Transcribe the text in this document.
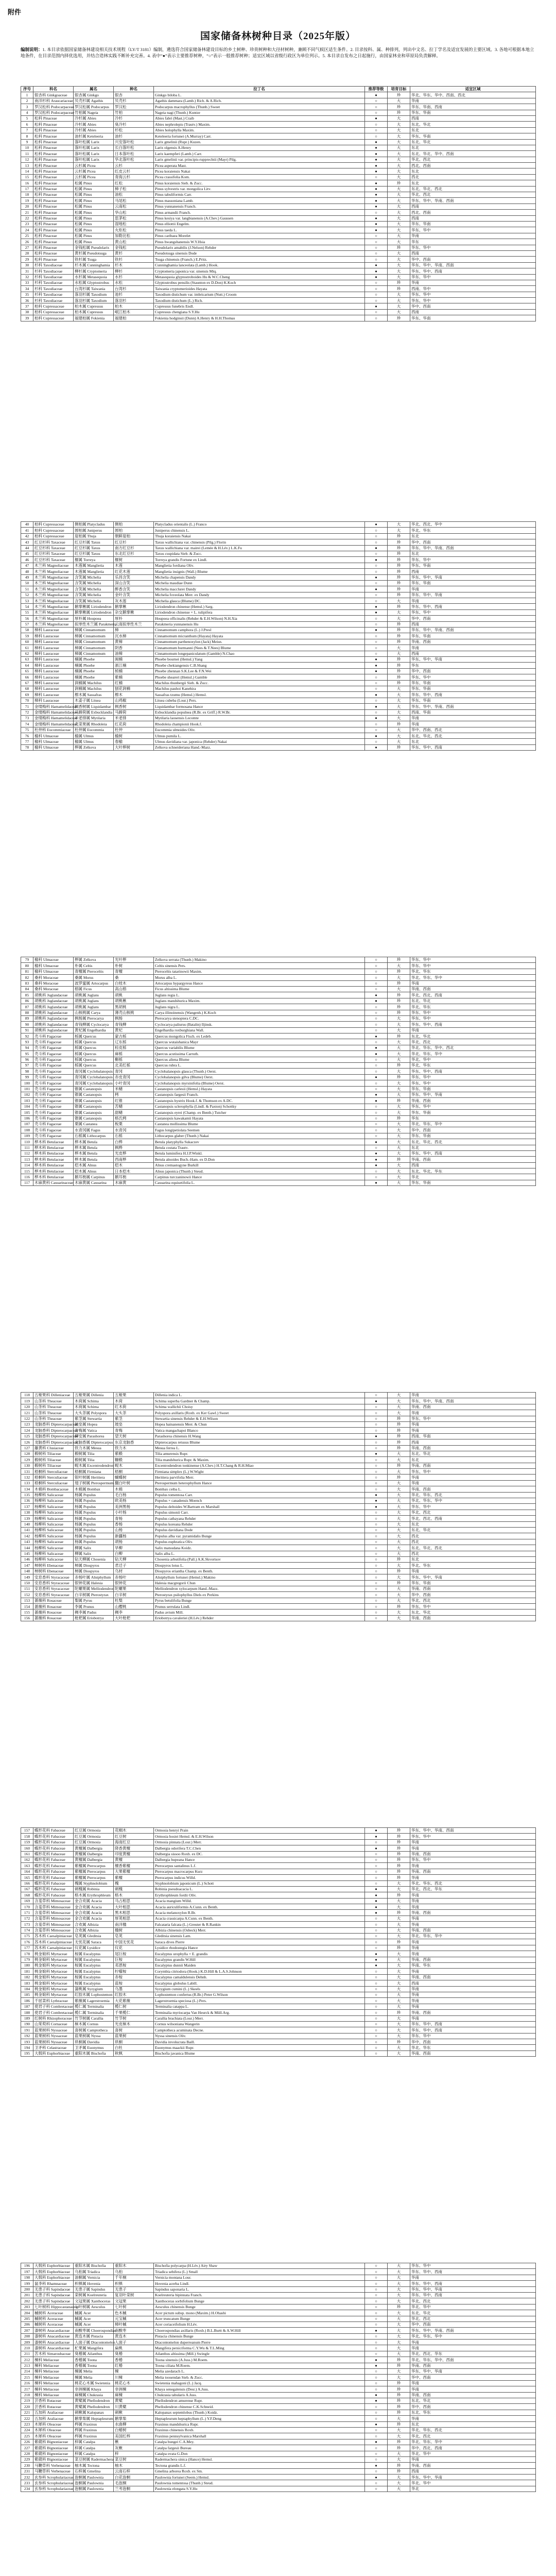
附件
国家储备林树种目录（2025年版）
编制说明：1. 本目录依据国家储备林建设相关技术规程（LY/T 3181）编制，遴选符合国家储备林建设目标的乡土树种、珍贵树种和大径材树种，兼顾不同气候区适生条件。2. 目录按科、属、种排列，列出中文名、拉丁学名及适宜发展的主要区域。3. 各地可根据本地立地条件，在目录范围内择优选用，并结合造林实践不断补充完善。4. 表中“●”表示主要推荐树种，“○”表示一般推荐树种；适宜区域以省级行政区为单位列示。5. 本目录自发布之日起施行，由国家林业和草原局负责解释。
序号	科名	属名	种名	拉丁名	推荐等级	培育目标	适宜区域
1	银杏科 Ginkgoaceae	银杏属 Ginkgo	银杏	Ginkgo biloba L.	●	珍	华北、华东、华中、西南、西北
2	南洋杉科 Araucariaceae	贝壳杉属 Agathis	贝壳杉	Agathis dammara (Lamb.) Rich. & A.Rich.	○	大	华南
3	罗汉松科 Podocarpaceae	罗汉松属 Podocarpus	罗汉松	Podocarpus macrophyllus (Thunb.) Sweet	○	珍	华东、华南、西南
4	罗汉松科 Podocarpaceae	竹柏属 Nageia	竹柏	Nageia nagi (Thunb.) Kuntze	○	珍	华东、华南
5	松科 Pinaceae	冷杉属 Abies	冷杉	Abies fabri (Mast.) Craib	●	大	西南
6	松科 Pinaceae	冷杉属 Abies	臭冷杉	Abies nephrolepis (Trautv.) Maxim.	○	大	东北、华北
7	松科 Pinaceae	冷杉属 Abies	杉松	Abies holophylla Maxim.	○	大	东北
8	松科 Pinaceae	油杉属 Keteleeria	油杉	Keteleeria fortunei (A.Murray) Carr.	○	大	华东、华南
9	松科 Pinaceae	落叶松属 Larix	兴安落叶松	Larix gmelinii (Rupr.) Kuzen.	●	大	东北、华北
10	松科 Pinaceae	落叶松属 Larix	长白落叶松	Larix olgensis A.Henry	●	大	东北
11	松科 Pinaceae	落叶松属 Larix	日本落叶松	Larix kaempferi (Lamb.) Carr.	●	大	东北、华北、华中、西南
12	松科 Pinaceae	落叶松属 Larix	华北落叶松	Larix gmelinii var. principis-rupprechtii (Mayr) Pilg.	●	大	华北、西北
13	松科 Pinaceae	云杉属 Picea	云杉	Picea asperata Mast.	●	大	西北、西南
14	松科 Pinaceae	云杉属 Picea	红皮云杉	Picea koraiensis Nakai	●	大	东北
15	松科 Pinaceae	云杉属 Picea	青海云杉	Picea crassifolia Kom.	○	大	西北
16	松科 Pinaceae	松属 Pinus	红松	Pinus koraiensis Sieb. & Zucc.	●	珍	东北
17	松科 Pinaceae	松属 Pinus	樟子松	Pinus sylvestris var. mongolica Litv.	●	大	东北、华北、西北
18	松科 Pinaceae	松属 Pinus	油松	Pinus tabuliformis Carr.	●	大	华北、西北
19	松科 Pinaceae	松属 Pinus	马尾松	Pinus massoniana Lamb.	●	大	华东、华中、华南、西南
20	松科 Pinaceae	松属 Pinus	云南松	Pinus yunnanensis Franch.	●	大	西南
21	松科 Pinaceae	松属 Pinus	华山松	Pinus armandii Franch.	○	大	西北、西南
22	松科 Pinaceae	松属 Pinus	思茅松	Pinus kesiya var. langbianensis (A.Chev.) Gaussen	●	大	西南
23	松科 Pinaceae	松属 Pinus	湿地松	Pinus elliottii Engelm.	●	大	华东、华南
24	松科 Pinaceae	松属 Pinus	火炬松	Pinus taeda L.	●	大	华东、华中
25	松科 Pinaceae	松属 Pinus	加勒比松	Pinus caribaea Morelet	○	大	华南
26	松科 Pinaceae	松属 Pinus	黄山松	Pinus hwangshanensis W.Y.Hsia	○	大	华东
27	松科 Pinaceae	金钱松属 Pseudolarix	金钱松	Pseudolarix amabilis (J.Nelson) Rehder	○	珍	华东、华中
28	松科 Pinaceae	黄杉属 Pseudotsuga	黄杉	Pseudotsuga sinensis Dode	○	大	西南
29	松科 Pinaceae	铁杉属 Tsuga	铁杉	Tsuga chinensis (Franch.) E.Pritz.	○	大	华中、西南
30	杉科 Taxodiaceae	杉木属 Cunninghamia	杉木	Cunninghamia lanceolata (Lamb.) Hook.	●	大	华东、华中、华南、西南
31	杉科 Taxodiaceae	柳杉属 Cryptomeria	柳杉	Cryptomeria japonica var. sinensis Miq.	●	大	华东、华中、西南
32	杉科 Taxodiaceae	水杉属 Metasequoia	水杉	Metasequoia glyptostroboides Hu & W.C.Cheng	●	大	华东、华中
33	杉科 Taxodiaceae	水松属 Glyptostrobus	水松	Glyptostrobus pensilis (Staunton ex D.Don) K.Koch	○	珍	华南
34	杉科 Taxodiaceae	台湾杉属 Taiwania	台湾杉	Taiwania cryptomerioides Hayata	○	珍	西南、华中
35	杉科 Taxodiaceae	落羽杉属 Taxodium	池杉	Taxodium distichum var. imbricarium (Nutt.) Croom	○	大	华东、华中
36	杉科 Taxodiaceae	落羽杉属 Taxodium	落羽杉	Taxodium distichum (L.) Rich.	○	大	华东、华中
37	柏科 Cupressaceae	柏木属 Cupressus	柏木	Cupressus funebris Endl.	●	大	华中、西南
38	柏科 Cupressaceae	柏木属 Cupressus	岷江柏木	Cupressus chengiana S.Y.Hu	○	大	西南
39	柏科 Cupressaceae	福建柏属 Fokienia	福建柏	Fokienia hodginsii (Dunn) A.Henry & H.H.Thomas	○	珍	华东、华南
40	柏科 Cupressaceae	侧柏属 Platycladus	侧柏	Platycladus orientalis (L.) Franco	●	大	华北、西北、华中
41	柏科 Cupressaceae	圆柏属 Juniperus	圆柏	Juniperus chinensis L.	○	大	华北、华东
42	柏科 Cupressaceae	崖柏属 Thuja	朝鲜崖柏	Thuja koraiensis Nakai	○	珍	东北
43	红豆杉科 Taxaceae	红豆杉属 Taxus	红豆杉	Taxus wallichiana var. chinensis (Pilg.) Florin	○	珍	华中、西南
44	红豆杉科 Taxaceae	红豆杉属 Taxus	南方红豆杉	Taxus wallichiana var. mairei (Lemée & H.Lév.) L.K.Fu	●	珍	华东、华中、华南、西南
45	红豆杉科 Taxaceae	红豆杉属 Taxus	东北红豆杉	Taxus cuspidata Sieb. & Zucc.	○	珍	东北
46	红豆杉科 Taxaceae	榧属 Torreya	榧树	Torreya grandis Fortune ex Lindl.	●	珍	华东、华中
47	木兰科 Magnoliaceae	木莲属 Manglietia	木莲	Manglietia fordiana Oliv.	○	珍	华东、华南
48	木兰科 Magnoliaceae	木莲属 Manglietia	红花木莲	Manglietia insignis (Wall.) Blume	○	珍	西南
49	木兰科 Magnoliaceae	含笑属 Michelia	乐昌含笑	Michelia chapensis Dandy	●	珍	华东、华中、华南
50	木兰科 Magnoliaceae	含笑属 Michelia	深山含笑	Michelia maudiae Dunn	○	珍	华东、华南
51	木兰科 Magnoliaceae	含笑属 Michelia	醉香含笑	Michelia macclurei Dandy	●	珍	华南
52	木兰科 Magnoliaceae	含笑属 Michelia	金叶含笑	Michelia foveolata Merr. ex Dandy	○	珍	华东、华中、华南
53	木兰科 Magnoliaceae	含笑属 Michelia	灰木莲	Michelia glauca (Blume) DC.	○	大	华南
54	木兰科 Magnoliaceae	鹅掌楸属 Liriodendron	鹅掌楸	Liriodendron chinense (Hemsl.) Sarg.	●	珍	华东、华中、西南
55	木兰科 Magnoliaceae	鹅掌楸属 Liriodendron	杂交鹅掌楸	Liriodendron chinense × L. tulipifera	●	大	华东、华中
56	木兰科 Magnoliaceae	厚朴属 Houpoea	厚朴	Houpoea officinalis (Rehder & E.H.Wilson) N.H.Xia	○	大	华中、西南
57	木兰科 Magnoliaceae	拟单性木兰属 Parakmeria	云南拟单性木兰	Parakmeria yunnanensis Hu	○	珍	西南
58	樟科 Lauraceae	樟属 Cinnamomum	樟	Cinnamomum camphora (L.) J.Presl	●	珍	华东、华中、华南、西南
59	樟科 Lauraceae	樟属 Cinnamomum	沉水樟	Cinnamomum micranthum (Hayata) Hayata	○	珍	华东、华南
60	樟科 Lauraceae	樟属 Cinnamomum	黄樟	Cinnamomum parthenoxylon (Jack) Meisn.	○	珍	华南、西南
61	樟科 Lauraceae	樟属 Cinnamomum	阴香	Cinnamomum burmanni (Nees & T.Nees) Blume	○	大	华南
62	樟科 Lauraceae	樟属 Cinnamomum	油樟	Cinnamomum longepaniculatum (Gamble) N.Chao	○	大	西南
63	樟科 Lauraceae	楠属 Phoebe	闽楠	Phoebe bournei (Hemsl.) Yang	●	珍	华东、华中、华南
64	樟科 Lauraceae	楠属 Phoebe	浙江楠	Phoebe chekiangensis C.B.Shang	●	珍	华东
65	樟科 Lauraceae	楠属 Phoebe	桢楠	Phoebe zhennan S.K.Lee & F.N.Wei	●	珍	华中、西南
66	樟科 Lauraceae	楠属 Phoebe	紫楠	Phoebe sheareri (Hemsl.) Gamble	○	珍	华东、华中
67	樟科 Lauraceae	润楠属 Machilus	红楠	Machilus thunbergii Sieb. & Zucc.	○	珍	华东、华南
68	樟科 Lauraceae	润楠属 Machilus	刨花润楠	Machilus pauhoi Kanehira	○	大	华东、华南
69	樟科 Lauraceae	檫木属 Sassafras	檫木	Sassafras tzumu (Hemsl.) Hemsl.	●	大	华东、华中、西南
70	樟科 Lauraceae	木姜子属 Litsea	山鸡椒	Litsea cubeba (Lour.) Pers.	○	大	华东、华南
71	金缕梅科 Hamamelidaceae	枫香树属 Liquidambar	枫香树	Liquidambar formosana Hance	●	大	华东、华中、华南、西南
72	金缕梅科 Hamamelidaceae	马蹄荷属 Exbucklandia	马蹄荷	Exbucklandia populnea (R.Br. ex Griff.) R.W.Br.	○	大	西南、华南
73	金缕梅科 Hamamelidaceae	米老排属 Mytilaria	米老排	Mytilaria laosensis Lecomte	●	大	华南
74	金缕梅科 Hamamelidaceae	壳菜果属 Rhodoleia	红花荷	Rhodoleia championii Hook.f.	○	珍	华南
75	杜仲科 Eucommiaceae	杜仲属 Eucommia	杜仲	Eucommia ulmoides Oliv.	○	大	华中、西南、西北
76	榆科 Ulmaceae	榆属 Ulmus	榆树	Ulmus pumila L.	●	大	东北、华北、西北
77	榆科 Ulmaceae	榆属 Ulmus	春榆	Ulmus davidiana var. japonica (Rehder) Nakai	○	大	东北
78	榆科 Ulmaceae	榉属 Zelkova	大叶榉树	Zelkova schneideriana Hand.-Mazz.	●	珍	华东、华中、西南
79	榆科 Ulmaceae	榉属 Zelkova	光叶榉	Zelkova serrata (Thunb.) Makino	○	珍	华东、华中
80	榆科 Ulmaceae	朴属 Celtis	朴树	Celtis sinensis Pers.	○	大	华东、华中
81	榆科 Ulmaceae	青檀属 Pteroceltis	青檀	Pteroceltis tatarinowii Maxim.	○	珍	华北、华东
82	桑科 Moraceae	桑属 Morus	桑	Morus alba L.	○	大	华北、华东、华中
83	桑科 Moraceae	波罗蜜属 Artocarpus	白桂木	Artocarpus hypargyreus Hance	○	珍	华南
84	桑科 Moraceae	榕属 Ficus	高山榕	Ficus altissima Blume	○	大	华南、西南
85	胡桃科 Juglandaceae	胡桃属 Juglans	胡桃	Juglans regia L.	●	珍	华北、西北、西南
86	胡桃科 Juglandaceae	胡桃属 Juglans	胡桃楸	Juglans mandshurica Maxim.	●	珍	东北、华北
87	胡桃科 Juglandaceae	胡桃属 Juglans	黑胡桃	Juglans nigra L.	○	珍	华北、华东
88	胡桃科 Juglandaceae	山核桃属 Carya	薄壳山核桃	Carya illinoinensis (Wangenh.) K.Koch	○	珍	华东、华中
89	胡桃科 Juglandaceae	枫杨属 Pterocarya	枫杨	Pterocarya stenoptera C.DC.	○	大	华东、华中
90	胡桃科 Juglandaceae	青钱柳属 Cyclocarya	青钱柳	Cyclocarya paliurus (Batalin) Iljinsk.	○	大	华东、华中、西南
91	胡桃科 Juglandaceae	黄杞属 Engelhardia	黄杞	Engelhardia roxburghiana Wall.	○	大	华南
92	壳斗科 Fagaceae	栎属 Quercus	蒙古栎	Quercus mongolica Fisch. ex Ledeb.	●	珍	东北、华北
93	壳斗科 Fagaceae	栎属 Quercus	辽东栎	Quercus wutaishanica Mayr	○	大	华北、西北
94	壳斗科 Fagaceae	栎属 Quercus	栓皮栎	Quercus variabilis Blume	●	大	华北、华东、华中、西北
95	壳斗科 Fagaceae	栎属 Quercus	麻栎	Quercus acutissima Carruth.	●	大	华北、华东、华中
96	壳斗科 Fagaceae	栎属 Quercus	槲栎	Quercus aliena Blume	○	大	华北、华中
97	壳斗科 Fagaceae	栎属 Quercus	北美红栎	Quercus rubra L.	○	珍	华北、华东
98	壳斗科 Fagaceae	青冈属 Cyclobalanopsis	青冈	Cyclobalanopsis glauca (Thunb.) Oerst.	○	大	华东、华中、西南
99	壳斗科 Fagaceae	青冈属 Cyclobalanopsis	赤皮青冈	Cyclobalanopsis gilva (Blume) Oerst.	●	珍	华东、华中
100	壳斗科 Fagaceae	青冈属 Cyclobalanopsis	小叶青冈	Cyclobalanopsis myrsinifolia (Blume) Oerst.	○	大	华东、华中
101	壳斗科 Fagaceae	锥属 Castanopsis	米槠	Castanopsis carlesii (Hemsl.) Hayata	○	大	华东、华南
102	壳斗科 Fagaceae	锥属 Castanopsis	栲	Castanopsis fargesii Franch.	●	大	华东、华中、华南
103	壳斗科 Fagaceae	锥属 Castanopsis	红锥	Castanopsis hystrix Hook.f. & Thomson ex A.DC.	●	珍	华南、西南
104	壳斗科 Fagaceae	锥属 Castanopsis	苦槠	Castanopsis sclerophylla (Lindl. & Paxton) Schottky	○	大	华东、华中
105	壳斗科 Fagaceae	锥属 Castanopsis	甜槠	Castanopsis eyrei (Champ. ex Benth.) Tutcher	○	大	华东、华南
106	壳斗科 Fagaceae	锥属 Castanopsis	格氏栲	Castanopsis kawakamii Hayata	○	珍	华东
107	壳斗科 Fagaceae	栗属 Castanea	板栗	Castanea mollissima Blume	○	大	华北、华东、华中
108	壳斗科 Fagaceae	水青冈属 Fagus	水青冈	Fagus longipetiolata Seemen	○	大	华中、西南
109	壳斗科 Fagaceae	石栎属 Lithocarpus	石栎	Lithocarpus glaber (Thunb.) Nakai	○	大	华东、华南
110	桦木科 Betulaceae	桦木属 Betula	白桦	Betula platyphylla Sukaczev	●	大	东北、华北、西北
111	桦木科 Betulaceae	桦木属 Betula	枫桦	Betula costata Trautv.	○	大	东北
112	桦木科 Betulaceae	桦木属 Betula	光皮桦	Betula luminifera H.J.P.Winkl.	●	大	华东、华中、西南
113	桦木科 Betulaceae	桦木属 Betula	西南桦	Betula alnoides Buch.-Ham. ex D.Don	●	珍	华南、西南
114	桦木科 Betulaceae	桤木属 Alnus	桤木	Alnus cremastogyne Burkill	●	大	西南
115	桦木科 Betulaceae	桤木属 Alnus	日本桤木	Alnus japonica (Thunb.) Steud.	○	大	东北、华北、华东
116	桦木科 Betulaceae	鹅耳枥属 Carpinus	鹅耳枥	Carpinus turczaninowii Hance	○	大	华北
117	木麻黄科 Casuarinaceae	木麻黄属 Casuarina	木麻黄	Casuarina equisetifolia L.	●	大	华东、华南
118	五桠果科 Dilleniaceae	五桠果属 Dillenia	五桠果	Dillenia indica L.	○	大	华南
119	山茶科 Theaceae	木荷属 Schima	木荷	Schima superba Gardner & Champ.	●	大	华东、华中、华南、西南
120	山茶科 Theaceae	木荷属 Schima	红木荷	Schima wallichii Choisy	○	大	华南、西南
121	山茶科 Theaceae	大头茶属 Polyspora	大头茶	Polyspora axillaris (Roxb. ex Ker Gawl.) Sweet	○	大	华南
122	山茶科 Theaceae	紫茎属 Stewartia	紫茎	Stewartia sinensis Rehder & E.H.Wilson	○	珍	华东、华中
123	龙脑香科 Dipterocarpaceae	坡垒属 Hopea	坡垒	Hopea hainanensis Merr. & Chun	○	珍	华南
124	龙脑香科 Dipterocarpaceae	青梅属 Vatica	青梅	Vatica mangachapoi Blanco	○	珍	华南
125	龙脑香科 Dipterocarpaceae	柳安属 Parashorea	望天树	Parashorea chinensis H.Wang	●	珍	西南、华南
126	龙脑香科 Dipterocarpaceae	龙脑香属 Dipterocarpus	东京龙脑香	Dipterocarpus retusus Blume	○	珍	西南
127	藤黄科 Clusiaceae	铁力木属 Mesua	铁力木	Mesua ferrea L.	○	珍	华南、西南
128	椴树科 Tiliaceae	椴树属 Tilia	紫椴	Tilia amurensis Rupr.	●	大	东北、华北
129	椴树科 Tiliaceae	椴树属 Tilia	糠椴	Tilia mandshurica Rupr. & Maxim.	○	大	东北
130	椴树科 Tiliaceae	蚬木属 Excentrodendron	蚬木	Excentrodendron tonkinense (A.Chev.) H.T.Chang & R.H.Miao	○	珍	华南、西南
131	梧桐科 Sterculiaceae	梧桐属 Firmiana	梧桐	Firmiana simplex (L.) W.Wight	○	大	华东、华中
132	梧桐科 Sterculiaceae	银叶树属 Heritiera	蝴蝶树	Heritiera parvifolia Merr.	○	珍	华南
133	梧桐科 Sterculiaceae	翅子树属 Pterospermum	翻白叶树	Pterospermum heterophyllum Hance	○	大	华南
134	木棉科 Bombacaceae	木棉属 Bombax	木棉	Bombax ceiba L.	○	大	华南、西南
135	杨柳科 Salicaceae	杨属 Populus	毛白杨	Populus tomentosa Carr.	●	大	华北、华东、西北
136	杨柳科 Salicaceae	杨属 Populus	欧美杨	Populus × canadensis Moench	●	大	华北、华东、华中
137	杨柳科 Salicaceae	杨属 Populus	美洲黑杨	Populus deltoides W.Bartram ex Marshall	●	大	华东、华中
138	杨柳科 Salicaceae	杨属 Populus	小叶杨	Populus simonii Carr.	○	大	华北、西北
139	杨柳科 Salicaceae	杨属 Populus	青杨	Populus cathayana Rehder	○	大	华北、西北、西南
140	杨柳科 Salicaceae	杨属 Populus	香杨	Populus koreana Rehder	○	大	东北
141	杨柳科 Salicaceae	杨属 Populus	山杨	Populus davidiana Dode	○	大	东北、华北
142	杨柳科 Salicaceae	杨属 Populus	新疆杨	Populus alba var. pyramidalis Bunge	○	大	西北
143	杨柳科 Salicaceae	杨属 Populus	胡杨	Populus euphratica Oliv.	○	大	西北
144	杨柳科 Salicaceae	柳属 Salix	旱柳	Salix matsudana Koidz.	○	大	东北、华北、西北
145	杨柳科 Salicaceae	柳属 Salix	白柳	Salix alba L.	○	大	西北
146	杨柳科 Salicaceae	钻天柳属 Chosenia	钻天柳	Chosenia arbutifolia (Pall.) A.K.Skvortsov	○	珍	东北
147	柿树科 Ebenaceae	柿属 Diospyros	君迁子	Diospyros lotus L.	○	大	华北、华东
148	柿树科 Ebenaceae	柿属 Diospyros	乌材	Diospyros eriantha Champ. ex Benth.	○	珍	华南
149	安息香科 Styracaceae	赤杨叶属 Alniphyllum	赤杨叶	Alniphyllum fortunei (Hemsl.) Makino	○	大	华东、华中、华南
150	安息香科 Styracaceae	银钟花属 Halesia	银钟花	Halesia macgregorii Chun	○	珍	华东、华南
151	安息香科 Styracaceae	陀螺果属 Melliodendron	陀螺果	Melliodendron xylocarpum Hand.-Mazz.	○	大	华南、西南
152	安息香科 Styracaceae	白辛树属 Pterostyrax	白辛树	Pterostyrax psilophyllus Diels ex Perkins	○	大	华中、西南
153	蔷薇科 Rosaceae	梨属 Pyrus	杜梨	Pyrus betulifolia Bunge	○	大	华北、西北
154	蔷薇科 Rosaceae	李属 Prunus	山樱桃	Prunus serrulata Lindl.	○	珍	华东、华中
155	蔷薇科 Rosaceae	稠李属 Padus	稠李	Padus avium Mill.	○	大	东北、华北
156	蔷薇科 Rosaceae	枇杷属 Eriobotrya	大叶枇杷	Eriobotrya cavaleriei (H.Lév.) Rehder	○	大	华南、西南
157	蝶形花科 Fabaceae	红豆属 Ormosia	花榈木	Ormosia henryi Prain	●	珍	华东、华中、华南、西南
158	蝶形花科 Fabaceae	红豆属 Ormosia	红豆树	Ormosia hosiei Hemsl. & E.H.Wilson	●	珍	华东、华中
159	蝶形花科 Fabaceae	红豆属 Ormosia	海南红豆	Ormosia pinnata (Lour.) Merr.	○	珍	华南
160	蝶形花科 Fabaceae	黄檀属 Dalbergia	降香黄檀	Dalbergia odorifera T.C.Chen	●	珍	华南
161	蝶形花科 Fabaceae	黄檀属 Dalbergia	印度黄檀	Dalbergia sissoo Roxb. ex DC.	○	珍	华南、西南
162	蝶形花科 Fabaceae	黄檀属 Dalbergia	黄檀	Dalbergia hupeana Hance	○	珍	华东、华中
163	蝶形花科 Fabaceae	紫檀属 Pterocarpus	檀香紫檀	Pterocarpus santalinus L.f.	○	珍	华南
164	蝶形花科 Fabaceae	紫檀属 Pterocarpus	大果紫檀	Pterocarpus macrocarpus Kurz	○	珍	华南、西南
165	蝶形花科 Fabaceae	紫檀属 Pterocarpus	紫檀	Pterocarpus indicus Willd.	○	珍	华南
166	蝶形花科 Fabaceae	槐属 Styphnolobium	槐	Styphnolobium japonicum (L.) Schott	○	大	华北、华东、西北
167	蝶形花科 Fabaceae	刺槐属 Robinia	刺槐	Robinia pseudoacacia L.	●	大	华北、西北、华东
168	蝶形花科 Fabaceae	格木属 Erythrophleum	格木	Erythrophleum fordii Oliv.	●	珍	华南
169	含羞草科 Mimosaceae	金合欢属 Acacia	马占相思	Acacia mangium Willd.	●	大	华南
170	含羞草科 Mimosaceae	金合欢属 Acacia	大叶相思	Acacia auriculiformis A.Cunn. ex Benth.	●	大	华南
171	含羞草科 Mimosaceae	金合欢属 Acacia	黑木相思	Acacia melanoxylon R.Br.	●	珍	华南、西南
172	含羞草科 Mimosaceae	金合欢属 Acacia	厚荚相思	Acacia crassicarpa A.Cunn. ex Benth.	○	大	华南
173	含羞草科 Mimosaceae	合欢属 Albizia	南洋楹	Falcataria falcata (L.) Greuter & R.Rankin	○	大	华南
174	含羞草科 Mimosaceae	合欢属 Albizia	楹树	Albizia chinensis (Osbeck) Merr.	○	大	华南、西南
175	苏木科 Caesalpiniaceae	皂荚属 Gleditsia	皂荚	Gleditsia sinensis Lam.	○	大	华北、华东、华中
176	苏木科 Caesalpiniaceae	无忧花属 Saraca	中国无忧花	Saraca dives Pierre	○	珍	华南
177	苏木科 Caesalpiniaceae	仪花属 Lysidice	仪花	Lysidice rhodostegia Hance	○	珍	华南
178	桃金娘科 Myrtaceae	桉属 Eucalyptus	尾巨桉	Eucalyptus urophylla × E. grandis	●	大	华南
179	桃金娘科 Myrtaceae	桉属 Eucalyptus	巨桉	Eucalyptus grandis W.Hill	●	大	华南、西南
180	桃金娘科 Myrtaceae	桉属 Eucalyptus	邓恩桉	Eucalyptus dunnii Maiden	●	大	华南、华东
181	桃金娘科 Myrtaceae	桉属 Eucalyptus	柠檬桉	Corymbia citriodora (Hook.) K.D.Hill & L.A.S.Johnson	○	大	华南
182	桃金娘科 Myrtaceae	桉属 Eucalyptus	赤桉	Eucalyptus camaldulensis Dehnh.	○	大	华南、西南
183	桃金娘科 Myrtaceae	桉属 Eucalyptus	蓝桉	Eucalyptus globulus Labill.	○	大	西南
184	桃金娘科 Myrtaceae	蒲桃属 Syzygium	乌墨	Syzygium cumini (L.) Skeels	○	大	华南
185	桃金娘科 Myrtaceae	红胶木属 Lophostemon	红胶木	Lophostemon confertus (R.Br.) Peter G.Wilson	○	大	华南
186	千屈菜科 Lythraceae	紫薇属 Lagerstroemia	大花紫薇	Lagerstroemia speciosa (L.) Pers.	○	大	华南
187	使君子科 Combretaceae	榄仁属 Terminalia	榄仁树	Terminalia catappa L.	○	大	华南
188	使君子科 Combretaceae	榄仁属 Terminalia	千果榄仁	Terminalia myriocarpa Van Heurck & Müll.Arg.	○	珍	华南、西南
189	红树科 Rhizophoraceae	竹节树属 Carallia	竹节树	Carallia brachiata (Lour.) Merr.	○	大	华南
190	山茱萸科 Cornaceae	梾木属 Cornus	光皮梾木	Cornus wilsoniana Wangerin	○	大	华东、华中、西南
191	蓝果树科 Nyssaceae	喜树属 Camptotheca	喜树	Camptotheca acuminata Decne.	○	大	华东、华中、西南
192	蓝果树科 Nyssaceae	蓝果树属 Nyssa	蓝果树	Nyssa sinensis Oliv.	○	大	华东、华中
193	蓝果树科 Nyssaceae	珙桐属 Davidia	珙桐	Davidia involucrata Baill.	○	珍	华中、西南
194	卫矛科 Celastraceae	卫矛属 Euonymus	白杜	Euonymus maackii Rupr.	○	大	华北、华东
195	大戟科 Euphorbiaceae	重阳木属 Bischofia	秋枫	Bischofia javanica Blume	○	大	华南、西南
196	大戟科 Euphorbiaceae	重阳木属 Bischofia	重阳木	Bischofia polycarpa (H.Lév.) Airy Shaw	○	大	华东、华中
197	大戟科 Euphorbiaceae	乌桕属 Triadica	乌桕	Triadica sebifera (L.) Small	○	大	华东、华中、西南
198	大戟科 Euphorbiaceae	油桐属 Vernicia	千年桐	Vernicia montana Lour.	○	大	华南
199	鼠李科 Rhamnaceae	枳椇属 Hovenia	枳椇	Hovenia acerba Lindl.	○	大	华东、华中、西南
200	无患子科 Sapindaceae	无患子属 Sapindus	无患子	Sapindus saponaria L.	○	大	华东、华中、华南
201	无患子科 Sapindaceae	栾树属 Koelreuteria	复羽叶栾树	Koelreuteria bipinnata Franch.	○	大	华东、华中、西南
202	无患子科 Sapindaceae	文冠果属 Xanthoceras	文冠果	Xanthoceras sorbifolium Bunge	○	大	华北、西北
203	七叶树科 Hippocastanaceae	七叶树属 Aesculus	七叶树	Aesculus chinensis Bunge	○	珍	华北、华中
204	槭树科 Aceraceae	槭属 Acer	色木槭	Acer pictum subsp. mono (Maxim.) H.Ohashi	○	大	东北、华北
205	槭树科 Aceraceae	槭属 Acer	元宝槭	Acer truncatum Bunge	○	大	华北、西北
206	槭树科 Aceraceae	槭属 Acer	樟叶槭	Acer coriaceifolium H.Lév.	○	大	华中、西南
207	漆树科 Anacardiaceae	南酸枣属 Choerospondias	南酸枣	Choerospondias axillaris (Roxb.) B.L.Burtt & A.W.Hill	●	大	华东、华中、华南、西南
208	漆树科 Anacardiaceae	黄连木属 Pistacia	黄连木	Pistacia chinensis Bunge	○	大	华北、华东、华中
209	漆树科 Anacardiaceae	人面子属 Dracontomelon	人面子	Dracontomelon duperreanum Pierre	○	大	华南
210	漆树科 Anacardiaceae	杧果属 Mangifera	扁桃	Mangifera persiciforma C.Y.Wu & T.L.Ming	○	大	华南
211	苦木科 Simaroubaceae	臭椿属 Ailanthus	臭椿	Ailanthus altissima (Mill.) Swingle	○	大	华北、西北、华东
212	楝科 Meliaceae	香椿属 Toona	香椿	Toona sinensis (A.Juss.) M.Roem.	●	珍	华北、华东、华中、西南
213	楝科 Meliaceae	香椿属 Toona	红椿	Toona ciliata M.Roem.	●	珍	华南、西南
214	楝科 Meliaceae	楝属 Melia	楝	Melia azedarach L.	○	大	华东、华中、华南
215	楝科 Meliaceae	楝属 Melia	川楝	Melia toosendan Sieb. & Zucc.	○	大	华中、西南
216	楝科 Meliaceae	桃花心木属 Swietenia	桃花心木	Swietenia mahagoni (L.) Jacq.	○	珍	华南
217	楝科 Meliaceae	非洲楝属 Khaya	非洲楝	Khaya senegalensis (Desr.) A.Juss.	○	珍	华南
218	楝科 Meliaceae	麻楝属 Chukrasia	麻楝	Chukrasia tabularis A.Juss.	●	珍	华南、西南
219	芸香科 Rutaceae	黄檗属 Phellodendron	黄檗	Phellodendron amurense Rupr.	●	珍	东北、华北
220	芸香科 Rutaceae	黄檗属 Phellodendron	川黄檗	Phellodendron chinense C.K.Schneid.	○	珍	华中、西南
221	五加科 Araliaceae	刺楸属 Kalopanax	刺楸	Kalopanax septemlobus (Thunb.) Koidz.	○	珍	东北、华东
222	五加科 Araliaceae	鹅掌柴属 Heptapleurum	鹅掌柴	Heptapleurum heptaphyllum (L.) Y.F.Deng	○	大	华南
223	木犀科 Oleaceae	梣属 Fraxinus	水曲柳	Fraxinus mandshurica Rupr.	●	珍	东北
224	木犀科 Oleaceae	梣属 Fraxinus	白蜡树	Fraxinus chinensis Roxb.	○	大	华北、华东、西北
225	木犀科 Oleaceae	梣属 Fraxinus	美国红梣	Fraxinus pennsylvanica Marshall	○	大	华北、西北
226	紫葳科 Bignoniaceae	梓属 Catalpa	楸	Catalpa bungei C.A.Mey.	●	珍	华北、华东、华中
227	紫葳科 Bignoniaceae	梓属 Catalpa	灰楸	Catalpa fargesii Bureau	○	珍	华中、西北、西南
228	紫葳科 Bignoniaceae	梓属 Catalpa	梓	Catalpa ovata G.Don	○	大	华北、华中
229	紫葳科 Bignoniaceae	菜豆树属 Radermachera	菜豆树	Radermachera sinica (Hance) Hemsl.	○	大	华南
230	马鞭草科 Verbenaceae	柚木属 Tectona	柚木	Tectona grandis L.f.	●	珍	华南、西南
231	马鞭草科 Verbenaceae	石梓属 Gmelina	云南石梓	Gmelina arborea Roxb. ex Sm.	○	珍	西南
232	玄参科 Scrophulariaceae	泡桐属 Paulownia	白花泡桐	Paulownia fortunei (Seem.) Hemsl.	●	大	华东、华中、华南
233	玄参科 Scrophulariaceae	泡桐属 Paulownia	毛泡桐	Paulownia tomentosa (Thunb.) Steud.	○	大	华北、华中
234	玄参科 Scrophulariaceae	泡桐属 Paulownia	兰考泡桐	Paulownia elongata S.Y.Hu	○	大	华北
